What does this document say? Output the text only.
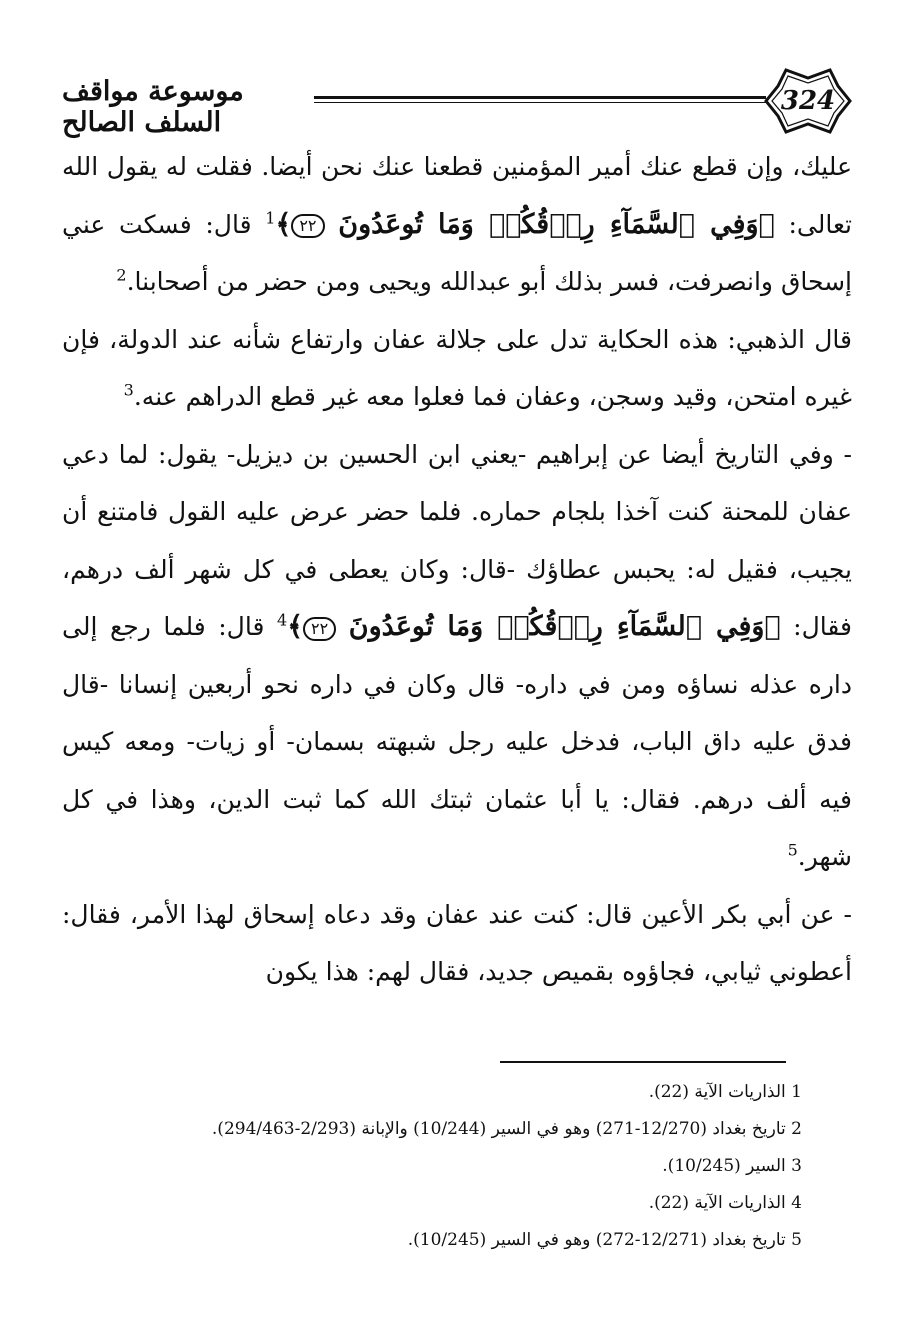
موسوعة مواقف السلف الصالح
324

عليك، وإن قطع عنك أمير المؤمنين قطعنا عنك نحن أيضا. فقلت له يقول الله تعالى: ﴿وَفِي ٱلسَّمَآءِ رِزۡقُكُمۡ وَمَا تُوعَدُونَ ٢٢﴾$^1$ قال: فسكت عني إسحاق وانصرفت، فسر بذلك أبو عبدالله ويحيى ومن حضر من أصحابنا.$^2$

قال الذهبي: هذه الحكاية تدل على جلالة عفان وارتفاع شأنه عند الدولة، فإن غيره امتحن، وقيد وسجن، وعفان فما فعلوا معه غير قطع الدراهم عنه.$^3$

- وفي التاريخ أيضا عن إبراهيم -يعني ابن الحسين بن ديزيل- يقول: لما دعي عفان للمحنة كنت آخذا بلجام حماره. فلما حضر عرض عليه القول فامتنع أن يجيب، فقيل له: يحبس عطاؤك -قال: وكان يعطى في كل شهر ألف درهم، فقال: ﴿وَفِي ٱلسَّمَآءِ رِزۡقُكُمۡ وَمَا تُوعَدُونَ ٢٢﴾$^4$ قال: فلما رجع إلى داره عذله نساؤه ومن في داره- قال وكان في داره نحو أربعين إنسانا -قال فدق عليه داق الباب، فدخل عليه رجل شبهته بسمان- أو زيات- ومعه كيس فيه ألف درهم. فقال: يا أبا عثمان ثبتك الله كما ثبت الدين، وهذا في كل شهر.$^5$

- عن أبي بكر الأعين قال: كنت عند عفان وقد دعاه إسحاق لهذا الأمر، فقال: أعطوني ثيابي، فجاؤوه بقميص جديد، فقال لهم: هذا يكون

1 الذاريات الآية (22).
2 تاريخ بغداد (12/270-271) وهو في السير (10/244) والإبانة (2/293-294/463).
3 السير (10/245).
4 الذاريات الآية (22).
5 تاريخ بغداد (12/271-272) وهو في السير (10/245).
